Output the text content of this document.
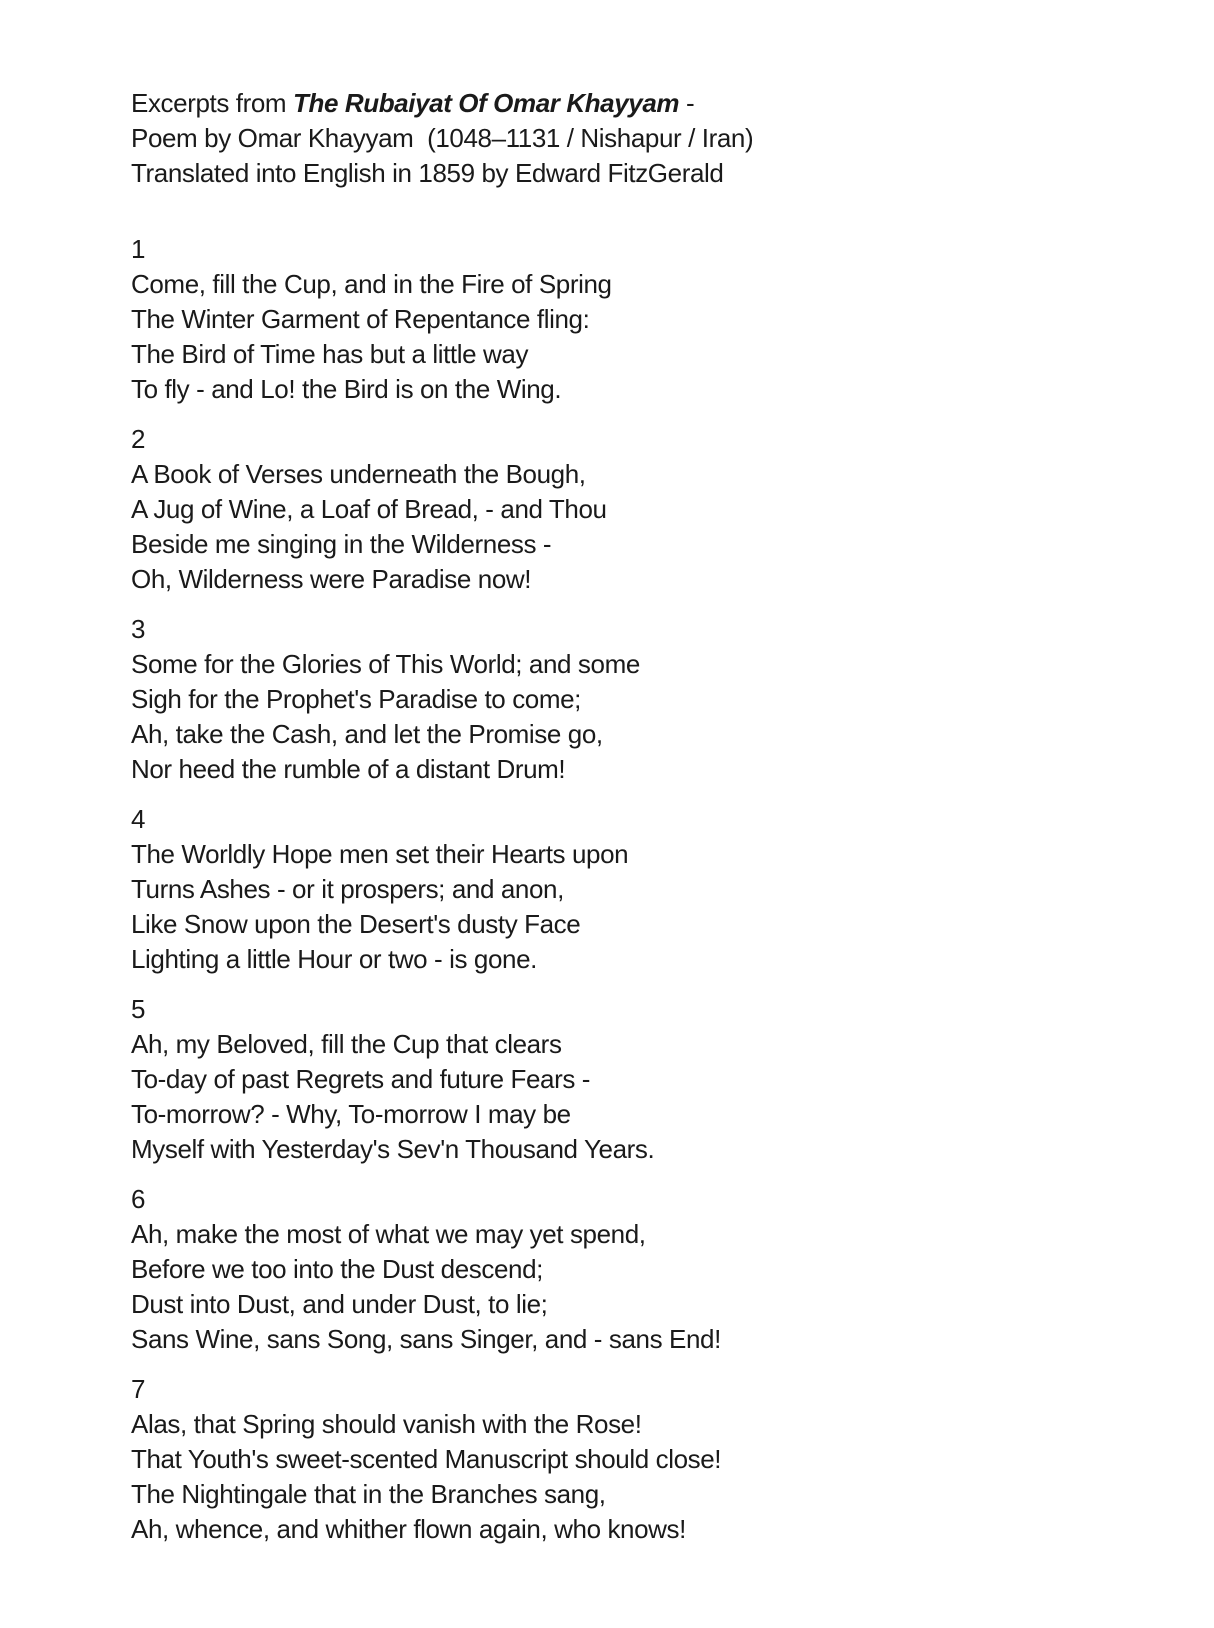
Excerpts from The Rubaiyat Of Omar Khayyam -
Poem by Omar Khayyam  (1048–1131 / Nishapur / Iran)
Translated into English in 1859 by Edward FitzGerald
1
Come, fill the Cup, and in the Fire of Spring
The Winter Garment of Repentance fling:
The Bird of Time has but a little way
To fly - and Lo! the Bird is on the Wing.
2
A Book of Verses underneath the Bough,
A Jug of Wine, a Loaf of Bread, - and Thou
Beside me singing in the Wilderness -
Oh, Wilderness were Paradise now!
3
Some for the Glories of This World; and some
Sigh for the Prophet's Paradise to come;
Ah, take the Cash, and let the Promise go,
Nor heed the rumble of a distant Drum!
4
The Worldly Hope men set their Hearts upon
Turns Ashes - or it prospers; and anon,
Like Snow upon the Desert's dusty Face
Lighting a little Hour or two - is gone.
5
Ah, my Beloved, fill the Cup that clears
To-day of past Regrets and future Fears -
To-morrow? - Why, To-morrow I may be
Myself with Yesterday's Sev'n Thousand Years.
6
Ah, make the most of what we may yet spend,
Before we too into the Dust descend;
Dust into Dust, and under Dust, to lie;
Sans Wine, sans Song, sans Singer, and - sans End!
7
Alas, that Spring should vanish with the Rose!
That Youth's sweet-scented Manuscript should close!
The Nightingale that in the Branches sang,
Ah, whence, and whither flown again, who knows!
